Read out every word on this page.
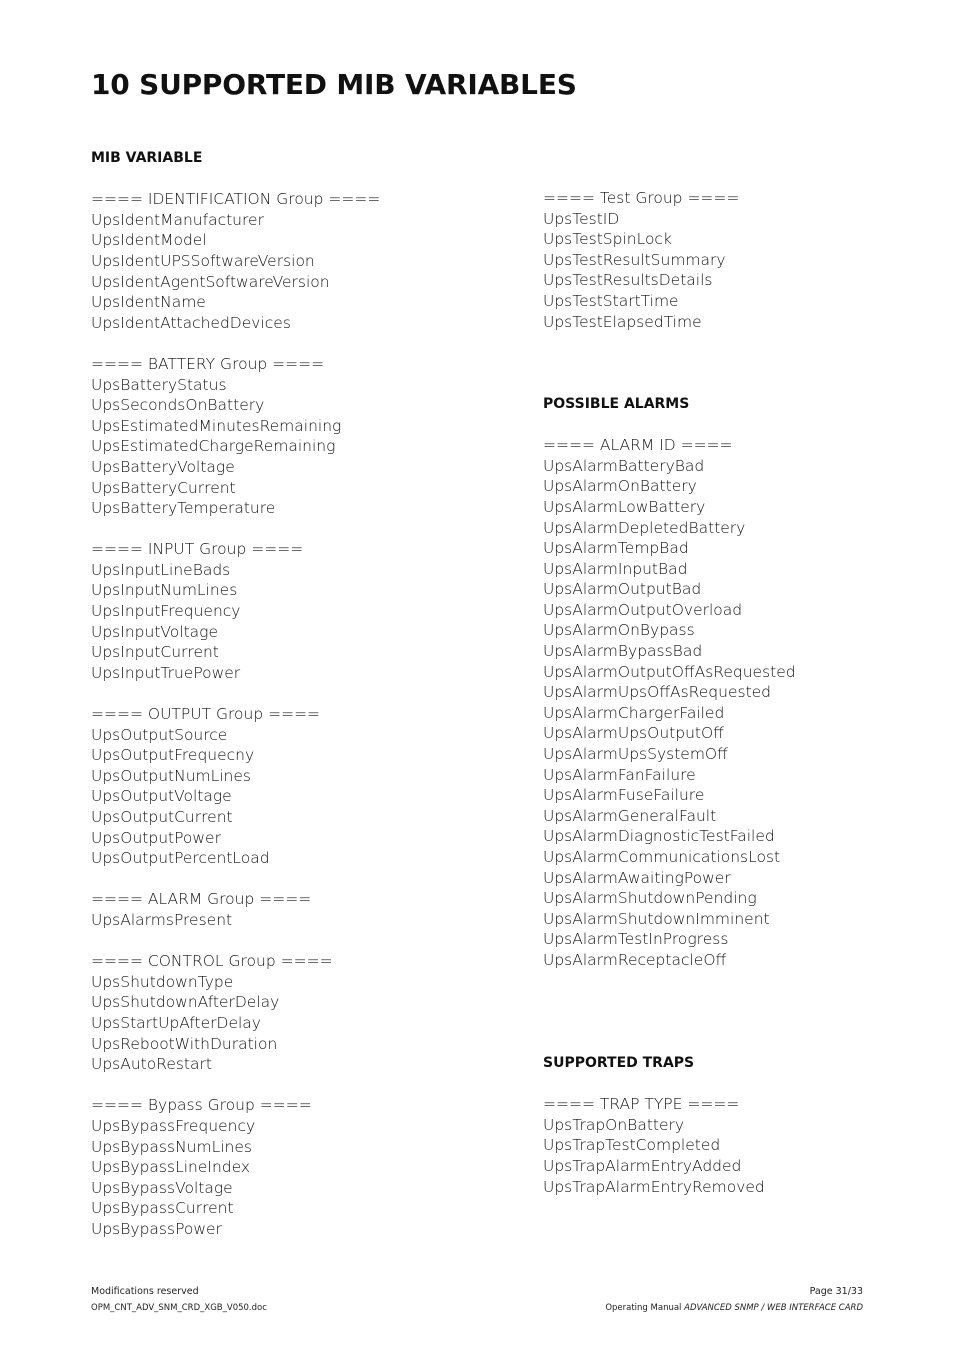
10 SUPPORTED MIB VARIABLES
MIB VARIABLE
==== IDENTIFICATION Group ====
UpsIdentManufacturer
UpsIdentModel
UpsIdentUPSSoftwareVersion
UpsIdentAgentSoftwareVersion
UpsIdentName
UpsIdentAttachedDevices
==== BATTERY Group ====
UpsBatteryStatus
UpsSecondsOnBattery
UpsEstimatedMinutesRemaining
UpsEstimatedChargeRemaining
UpsBatteryVoltage
UpsBatteryCurrent
UpsBatteryTemperature
==== INPUT Group ====
UpsInputLineBads
UpsInputNumLines
UpsInputFrequency
UpsInputVoltage
UpsInputCurrent
UpsInputTruePower
==== OUTPUT Group ====
UpsOutputSource
UpsOutputFrequecny
UpsOutputNumLines
UpsOutputVoltage
UpsOutputCurrent
UpsOutputPower
UpsOutputPercentLoad
==== ALARM Group ====
UpsAlarmsPresent
==== CONTROL Group ====
UpsShutdownType
UpsShutdownAfterDelay
UpsStartUpAfterDelay
UpsRebootWithDuration
UpsAutoRestart
==== Bypass Group ====
UpsBypassFrequency
UpsBypassNumLines
UpsBypassLineIndex
UpsBypassVoltage
UpsBypassCurrent
UpsBypassPower
==== Test Group ====
UpsTestID
UpsTestSpinLock
UpsTestResultSummary
UpsTestResultsDetails
UpsTestStartTime
UpsTestElapsedTime
POSSIBLE ALARMS
==== ALARM ID ====
UpsAlarmBatteryBad
UpsAlarmOnBattery
UpsAlarmLowBattery
UpsAlarmDepletedBattery
UpsAlarmTempBad
UpsAlarmInputBad
UpsAlarmOutputBad
UpsAlarmOutputOverload
UpsAlarmOnBypass
UpsAlarmBypassBad
UpsAlarmOutputOffAsRequested
UpsAlarmUpsOffAsRequested
UpsAlarmChargerFailed
UpsAlarmUpsOutputOff
UpsAlarmUpsSystemOff
UpsAlarmFanFailure
UpsAlarmFuseFailure
UpsAlarmGeneralFault
UpsAlarmDiagnosticTestFailed
UpsAlarmCommunicationsLost
UpsAlarmAwaitingPower
UpsAlarmShutdownPending
UpsAlarmShutdownImminent
UpsAlarmTestInProgress
UpsAlarmReceptacleOff
SUPPORTED TRAPS
==== TRAP TYPE ====
UpsTrapOnBattery
UpsTrapTestCompleted
UpsTrapAlarmEntryAdded
UpsTrapAlarmEntryRemoved
Modifications reserved
OPM_CNT_ADV_SNM_CRD_XGB_V050.doc
Page 31/33
Operating Manual ADVANCED SNMP / WEB INTERFACE CARD
